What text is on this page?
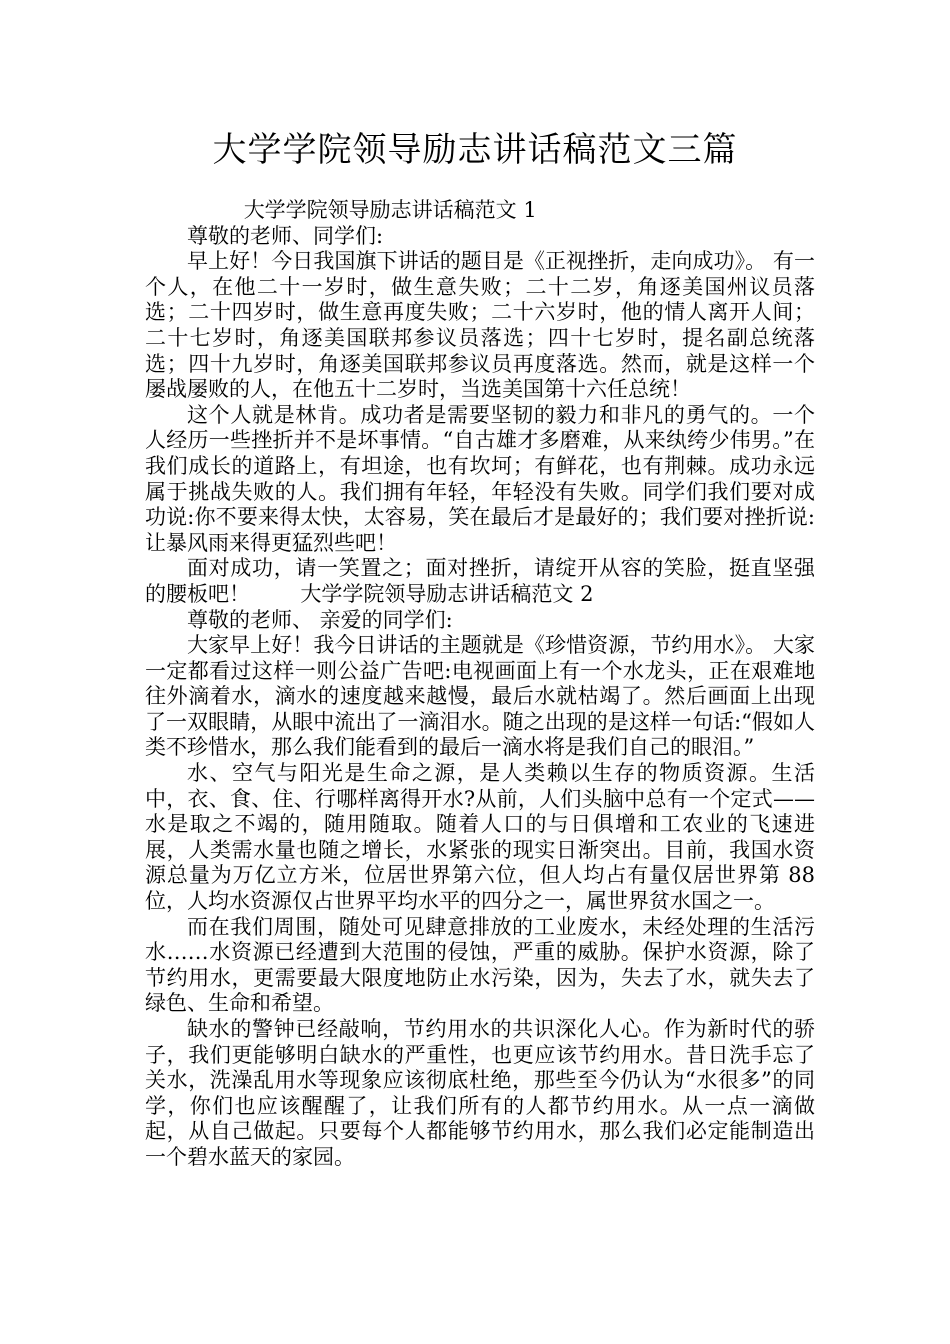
大学学院领导励志讲话稿范文三篇

大学学院领导励志讲话稿范文 1

尊敬的老师、同学们:

早上好！今日我国旗下讲话的题目是《正视挫折，走向成功》。 有一个人，在他二十一岁时，做生意失败；二十二岁，角逐美国州议员落选；二十四岁时，做生意再度失败；二十六岁时，他的情人离开人间；二十七岁时，角逐美国联邦参议员落选；四十七岁时，提名副总统落选；四十九岁时，角逐美国联邦参议员再度落选。然而，就是这样一个屡战屡败的人，在他五十二岁时，当选美国第十六任总统！

这个人就是林肯。成功者是需要坚韧的毅力和非凡的勇气的。一个人经历一些挫折并不是坏事情。“自古雄才多磨难，从来纨绔少伟男。”在我们成长的道路上，有坦途，也有坎坷；有鲜花，也有荆棘。成功永远属于挑战失败的人。我们拥有年轻，年轻没有失败。同学们我们要对成功说:你不要来得太快，太容易，笑在最后才是最好的；我们要对挫折说:让暴风雨来得更猛烈些吧！

面对成功，请一笑置之；面对挫折，请绽开从容的笑脸，挺直坚强的腰板吧！ 大学学院领导励志讲话稿范文 2

尊敬的老师、 亲爱的同学们:

大家早上好！我今日讲话的主题就是《珍惜资源，节约用水》。 大家一定都看过这样一则公益广告吧:电视画面上有一个水龙头，正在艰难地往外滴着水，滴水的速度越来越慢，最后水就枯竭了。然后画面上出现了一双眼睛，从眼中流出了一滴泪水。随之出现的是这样一句话:“假如人类不珍惜水，那么我们能看到的最后一滴水将是我们自己的眼泪。”

水、空气与阳光是生命之源，是人类赖以生存的物质资源。生活中，衣、食、住、行哪样离得开水?从前，人们头脑中总有一个定式——水是取之不竭的，随用随取。随着人口的与日俱增和工农业的飞速进展，人类需水量也随之增长，水紧张的现实日渐突出。目前，我国水资源总量为万亿立方米，位居世界第六位，但人均占有量仅居世界第 88 位，人均水资源仅占世界平均水平的四分之一，属世界贫水国之一。

而在我们周围，随处可见肆意排放的工业废水，未经处理的生活污水……水资源已经遭到大范围的侵蚀，严重的威胁。保护水资源，除了节约用水，更需要最大限度地防止水污染，因为，失去了水，就失去了绿色、生命和希望。

缺水的警钟已经敲响，节约用水的共识深化人心。作为新时代的骄子，我们更能够明白缺水的严重性，也更应该节约用水。昔日洗手忘了关水，洗澡乱用水等现象应该彻底杜绝，那些至今仍认为“水很多”的同学，你们也应该醒醒了，让我们所有的人都节约用水。从一点一滴做起，从自己做起。只要每个人都能够节约用水，那么我们必定能制造出一个碧水蓝天的家园。
